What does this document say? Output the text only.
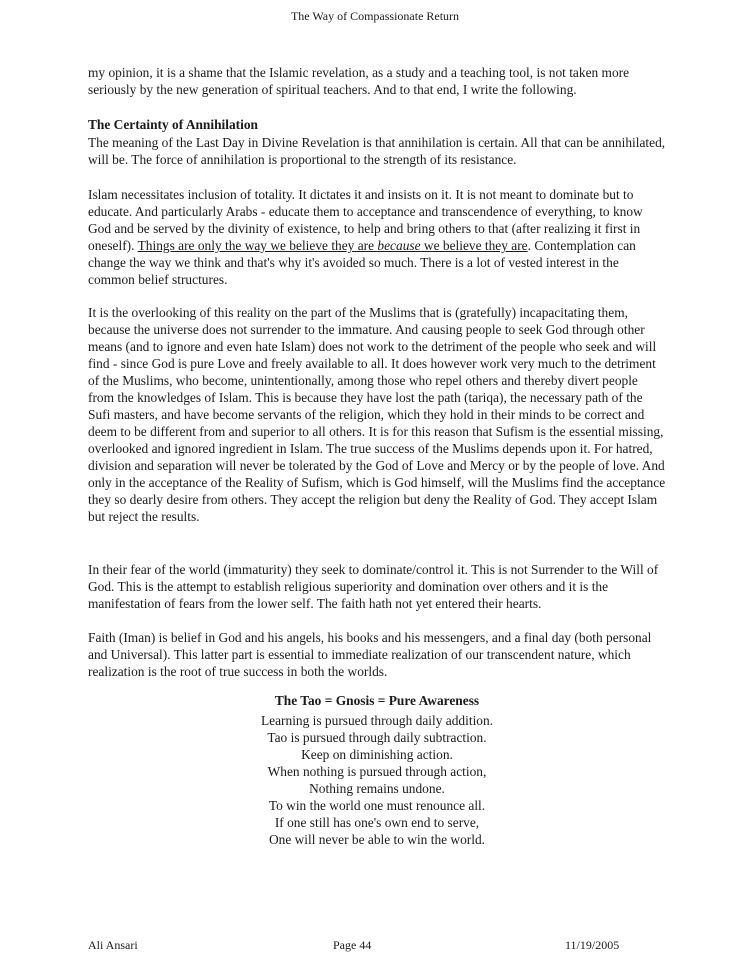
The Way of Compassionate Return

my opinion, it is a shame that the Islamic revelation, as a study and a teaching tool, is not taken more seriously by the new generation of spiritual teachers. And to that end, I write the following.

The Certainty of Annihilation

The meaning of the Last Day in Divine Revelation is that annihilation is certain. All that can be annihilated, will be. The force of annihilation is proportional to the strength of its resistance.

Islam necessitates inclusion of totality. It dictates it and insists on it. It is not meant to dominate but to educate. And particularly Arabs - educate them to acceptance and transcendence of everything, to know God and be served by the divinity of existence, to help and bring others to that (after realizing it first in oneself). Things are only the way we believe they are because we believe they are. Contemplation can change the way we think and that's why it's avoided so much. There is a lot of vested interest in the common belief structures.

It is the overlooking of this reality on the part of the Muslims that is (gratefully) incapacitating them, because the universe does not surrender to the immature. And causing people to seek God through other means (and to ignore and even hate Islam) does not work to the detriment of the people who seek and will find - since God is pure Love and freely available to all. It does however work very much to the detriment of the Muslims, who become, unintentionally, among those who repel others and thereby divert people from the knowledges of Islam. This is because they have lost the path (tariqa), the necessary path of the Sufi masters, and have become servants of the religion, which they hold in their minds to be correct and deem to be different from and superior to all others. It is for this reason that Sufism is the essential missing, overlooked and ignored ingredient in Islam. The true success of the Muslims depends upon it. For hatred, division and separation will never be tolerated by the God of Love and Mercy or by the people of love. And only in the acceptance of the Reality of Sufism, which is God himself, will the Muslims find the acceptance they so dearly desire from others. They accept the religion but deny the Reality of God. They accept Islam but reject the results.

In their fear of the world (immaturity) they seek to dominate/control it. This is not Surrender to the Will of God. This is the attempt to establish religious superiority and domination over others and it is the manifestation of fears from the lower self. The faith hath not yet entered their hearts.

Faith (Iman) is belief in God and his angels, his books and his messengers, and a final day (both personal and Universal). This latter part is essential to immediate realization of our transcendent nature, which realization is the root of true success in both the worlds.

The Tao = Gnosis = Pure Awareness
Learning is pursued through daily addition.
Tao is pursued through daily subtraction.
Keep on diminishing action.
When nothing is pursued through action,
Nothing remains undone.
To win the world one must renounce all.
If one still has one's own end to serve,
One will never be able to win the world.
Ali Ansari	Page 44	11/19/2005
